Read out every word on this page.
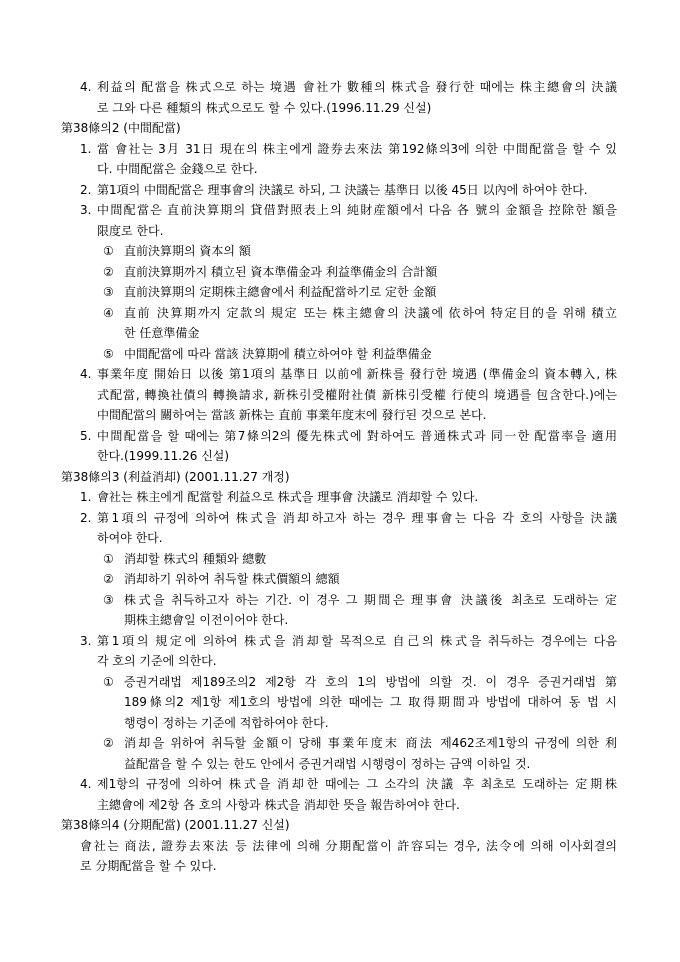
4. 利益의 配當을 株式으로 하는 境遇 會社가 數種의 株式을 發行한 때에는 株主總會의 決議
로 그와 다른 種類의 株式으로도 할 수 있다.(1996.11.29 신설)
第38條의2 (中間配當)
1. 當 會社는 3月 31日 現在의 株主에게 證券去來法 第192條의3에 의한 中間配當을 할 수 있
다. 中間配當은 金錢으로 한다.
2. 第1項의 中間配當은 理事會의 決議로 하되, 그 決議는 基準日 以後 45日 以內에 하여야 한다.
3. 中間配當은 直前決算期의 貸借對照表上의 純財産額에서 다음 各 號의 金額을 控除한 額을
限度로 한다.
① 直前決算期의 資本의 額
② 直前決算期까지 積立된 資本準備金과 利益準備金의 合計額
③ 直前決算期의 定期株主總會에서 利益配當하기로 定한 金額
④ 直前 決算期까지 定款의 規定 또는 株主總會의 決議에 依하여 特定目的을 위해 積立
한 任意準備金
⑤ 中間配當에 따라 當該 決算期에 積立하여야 할 利益準備金
4. 事業年度 開始日 以後 第1項의 基準日 以前에 新株를 發行한 境遇 (準備金의 資本轉入, 株
式配當, 轉換社債의 轉換請求, 新株引受權附社債 新株引受權 行使의 境遇를 包含한다.)에는
中間配當의 關하여는 當該 新株는 直前 事業年度末에 發行된 것으로 본다.
5. 中間配當을 할 때에는 第7條의2의 優先株式에 對하여도 普通株式과 同一한 配當率을 適用
한다.(1999.11.26 신설)
第38條의3 (利益消却) (2001.11.27 개정)
1. 會社는 株主에게 配當할 利益으로 株式을 理事會 決議로 消却할 수 있다.
2. 第1項의 규정에 의하여 株式을 消却하고자 하는 경우 理事會는 다음 각 호의 사항을 決議
하여야 한다.
① 消却할 株式의 種類와 總數
② 消却하기 위하여 취득할 株式價額의 總額
③ 株式을 취득하고자 하는 기간. 이 경우 그 期間은 理事會 決議後 최초로 도래하는 定
期株主總會일 이전이어야 한다.
3. 第1項의 規定에 의하여 株式을 消却할 목적으로 自己의 株式을 취득하는 경우에는 다음
각 호의 기준에 의한다.
① 증권거래법 제189조의2 제2항 각 호의 1의 방법에 의할 것. 이 경우 증권거래법 第
189條의2 제1항 제1호의 방법에 의한 때에는 그 取得期間과 방법에 대하여 동 법 시
행령이 정하는 기준에 적합하여야 한다.
② 消却을 위하여 취득할 金額이 당해 事業年度末 商法 제462조제1항의 규정에 의한 利
益配當을 할 수 있는 한도 안에서 증권거래법 시행령이 정하는 금액 이하일 것.
4. 제1항의 규정에 의하여 株式을 消却한 때에는 그 소각의 決議 후 최초로 도래하는 定期株
主總會에 제2항 各 호의 사항과 株式을 消却한 뜻을 報告하여야 한다.
第38條의4 (分期配當) (2001.11.27 신설)
會社는 商法, 證券去來法 등 法律에 의해 分期配當이 許容되는 경우, 法令에 의해 이사회결의
로 分期配當을 할 수 있다.
